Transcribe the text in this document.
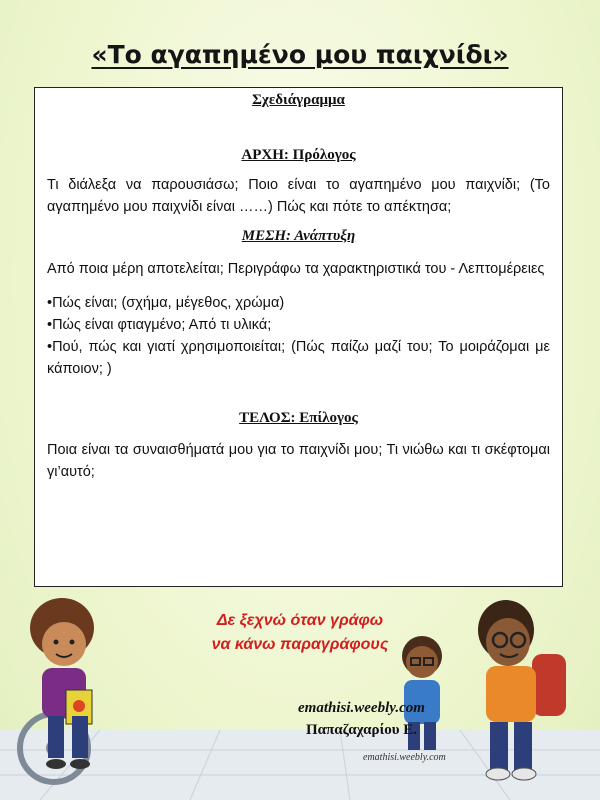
«Το αγαπημένο μου παιχνίδι»

Σχεδιάγραμμα

ΑΡΧΗ: Πρόλογος

Τι διάλεξα να παρουσιάσω; Ποιο είναι το αγαπημένο μου παιχνίδι; (Το αγαπημένο μου παιχνίδι είναι ……) Πώς και πότε το απέκτησα;

ΜΕΣΗ: Ανάπτυξη

Από ποια μέρη αποτελείται; Περιγράφω τα χαρακτηριστικά του - Λεπτομέρειες

•Πώς είναι; (σχήμα, μέγεθος, χρώμα)

•Πώς είναι φτιαγμένο; Από τι υλικά;

•Πού, πώς και γιατί χρησιμοποιείται; (Πώς παίζω μαζί του; Το μοιράζομαι με κάποιον; )

ΤΕΛΟΣ: Επίλογος

Ποια είναι τα συναισθήματά μου για το παιχνίδι μου; Τι νιώθω και τι σκέφτομαι γι’αυτό;

Δε ξεχνώ όταν γράφω

να κάνω παραγράφους

emathisi.weebly.com

Παπαζαχαρίου Ε.

emathisi.weebly.com
